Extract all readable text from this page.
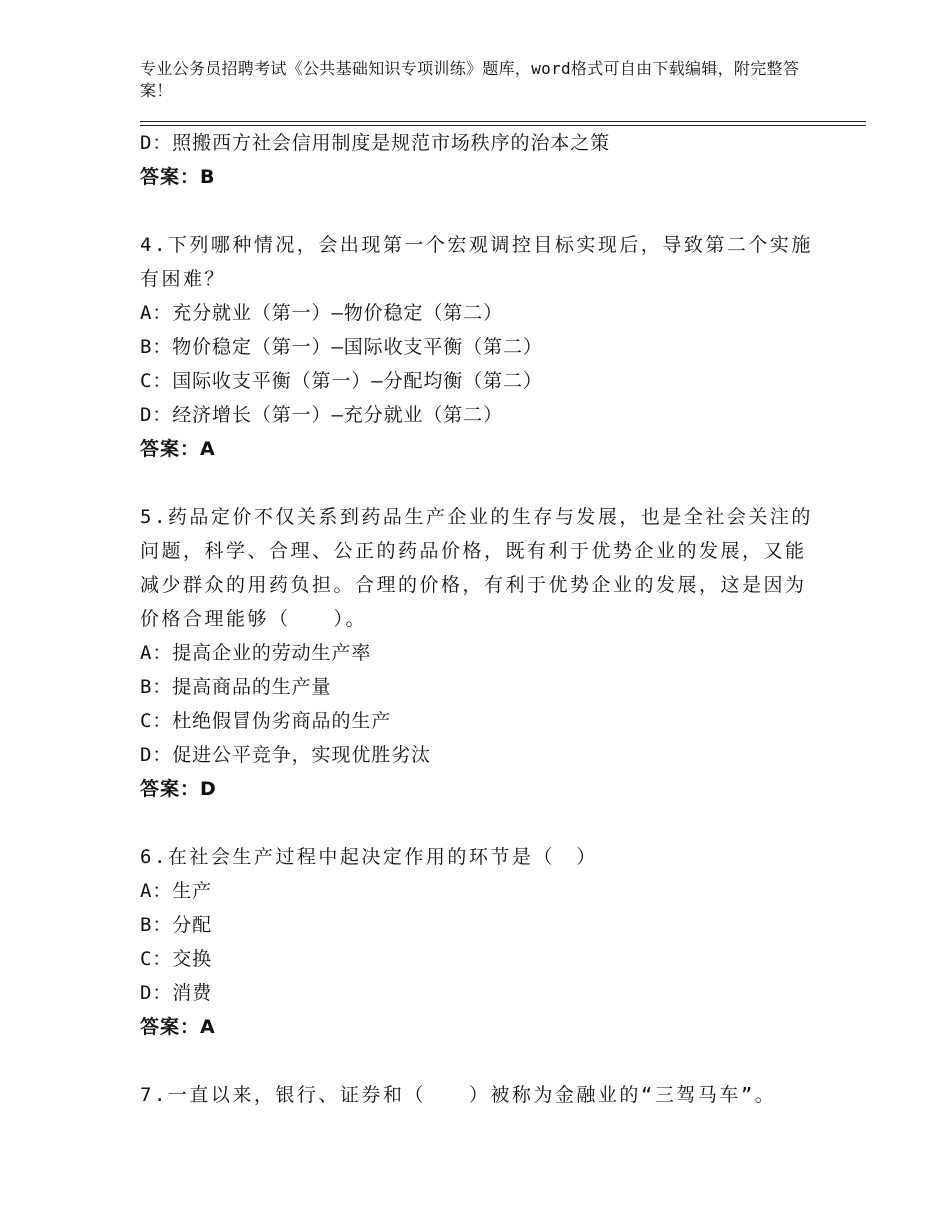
专业公务员招聘考试《公共基础知识专项训练》题库，word格式可自由下载编辑，附完整答案！
D：照搬西方社会信用制度是规范市场秩序的治本之策
答案：B
4.下列哪种情况，会出现第一个宏观调控目标实现后，导致第二个实施有困难？
A：充分就业（第一）—物价稳定（第二）
B：物价稳定（第一）—国际收支平衡（第二）
C：国际收支平衡（第一）—分配均衡（第二）
D：经济增长（第一）—充分就业（第二）
答案：A
5.药品定价不仅关系到药品生产企业的生存与发展，也是全社会关注的问题，科学、合理、公正的药品价格，既有利于优势企业的发展，又能减少群众的用药负担。合理的价格，有利于优势企业的发展，这是因为价格合理能够（　　）。
A：提高企业的劳动生产率
B：提高商品的生产量
C：杜绝假冒伪劣商品的生产
D：促进公平竞争，实现优胜劣汰
答案：D
6.在社会生产过程中起决定作用的环节是（　）
A：生产
B：分配
C：交换
D：消费
答案：A
7.一直以来，银行、证券和（　　）被称为金融业的“三驾马车”。
